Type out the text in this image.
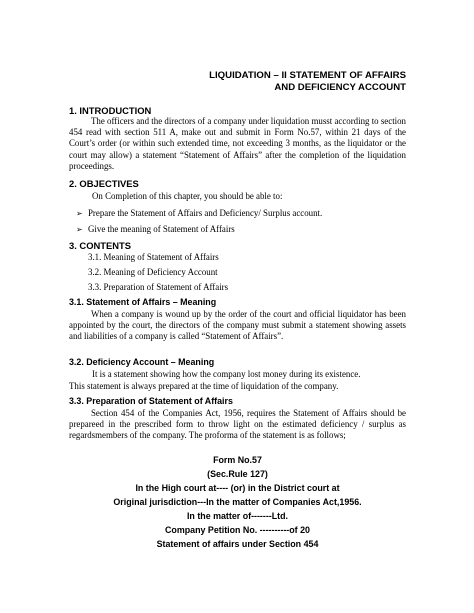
LIQUIDATION – II STATEMENT OF AFFAIRS
AND DEFICIENCY ACCOUNT
1. INTRODUCTION
The officers and the directors of a company under liquidation musst according to section 454 read with section 511 A, make out and submit in Form No.57, within 21 days of the Court’s order (or within such extended time, not exceeding 3 months, as the liquidator or the court may allow) a statement “Statement of Affairs” after the completion of the liquidation proceedings.
2. OBJECTIVES
On Completion of this chapter, you should be able to:
➢ Prepare the Statement of Affairs and Deficiency/ Surplus account.
➢ Give the meaning of Statement of Affairs
3. CONTENTS
3.1. Meaning of Statement of Affairs
3.2. Meaning of Deficiency Account
3.3. Preparation of Statement of Affairs
3.1. Statement of Affairs – Meaning
When a company is wound up by the order of the court and official liquidator has been appointed by the court, the directors of the company must submit a statement showing assets and liabilities of a company is called “Statement of Affairs”.
3.2. Deficiency Account – Meaning
It is a statement showing how the company lost money during its existence.
This statement is always prepared at the time of liquidation of the company.
3.3. Preparation of Statement of Affairs
Section 454 of the Companies Act, 1956, requires the Statement of Affairs should be prepareed in the prescribed form to throw light on the estimated deficiency / surplus as regardsmembers of the company. The proforma of the statement is as follows;
Form No.57
(Sec.Rule 127)
In the High court at---- (or) in the District court at
Original jurisdiction---In the matter of Companies Act,1956.
In the matter of-------Ltd.
Company Petition No. ----------of 20
Statement of affairs under Section 454
